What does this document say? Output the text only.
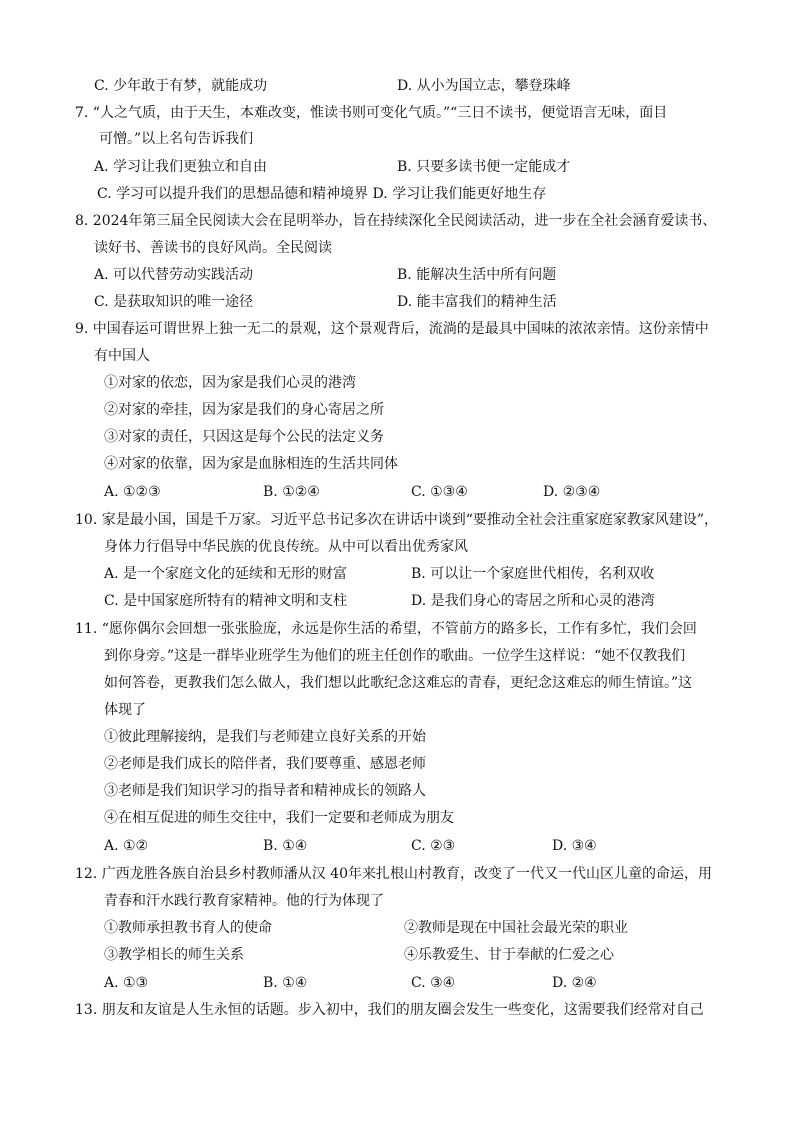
C. 少年敢于有梦，就能成功	D. 从小为国立志，攀登珠峰
7. “人之气质，由于天生，本难改变，惟读书则可变化气质。”“三日不读书，便觉语言无味，面目
可憎。”以上名句告诉我们
A. 学习让我们更独立和自由	B. 只要多读书便一定能成才
C. 学习可以提升我们的思想品德和精神境界 D. 学习让我们能更好地生存
8. 2024年第三届全民阅读大会在昆明举办，旨在持续深化全民阅读活动，进一步在全社会涵育爱读书、
读好书、善读书的良好风尚。全民阅读
A. 可以代替劳动实践活动	B. 能解决生活中所有问题
C. 是获取知识的唯一途径	D. 能丰富我们的精神生活
9. 中国春运可谓世界上独一无二的景观，这个景观背后，流淌的是最具中国味的浓浓亲情。这份亲情中
有中国人
①对家的依恋，因为家是我们心灵的港湾
②对家的牵挂，因为家是我们的身心寄居之所
③对家的责任，只因这是每个公民的法定义务
④对家的依靠，因为家是血脉相连的生活共同体
A. ①②③	B. ①②④	C. ①③④	D. ②③④
10. 家是最小国，国是千万家。习近平总书记多次在讲话中谈到“要推动全社会注重家庭家教家风建设”，
身体力行倡导中华民族的优良传统。从中可以看出优秀家风
A. 是一个家庭文化的延续和无形的财富	B. 可以让一个家庭世代相传，名利双收
C. 是中国家庭所特有的精神文明和支柱	D. 是我们身心的寄居之所和心灵的港湾
11. “愿你偶尔会回想一张张脸庞，永远是你生活的希望，不管前方的路多长，工作有多忙，我们会回
到你身旁。”这是一群毕业班学生为他们的班主任创作的歌曲。一位学生这样说：“她不仅教我们
如何答卷，更教我们怎么做人，我们想以此歌纪念这难忘的青春，更纪念这难忘的师生情谊。”这
体现了
①彼此理解接纳，是我们与老师建立良好关系的开始
②老师是我们成长的陪伴者，我们要尊重、感恩老师
③老师是我们知识学习的指导者和精神成长的领路人
④在相互促进的师生交往中，我们一定要和老师成为朋友
A. ①②	B. ①④	C. ②③	D. ③④
12. 广西龙胜各族自治县乡村教师潘从汉 40年来扎根山村教育，改变了一代又一代山区儿童的命运，用
青春和汗水践行教育家精神。他的行为体现了
①教师承担教书育人的使命	②教师是现在中国社会最光荣的职业
③教学相长的师生关系	④乐教爱生、甘于奉献的仁爱之心
A. ①③	B. ①④	C. ③④	D. ②④
13. 朋友和友谊是人生永恒的话题。步入初中，我们的朋友圈会发生一些变化，这需要我们经常对自己
